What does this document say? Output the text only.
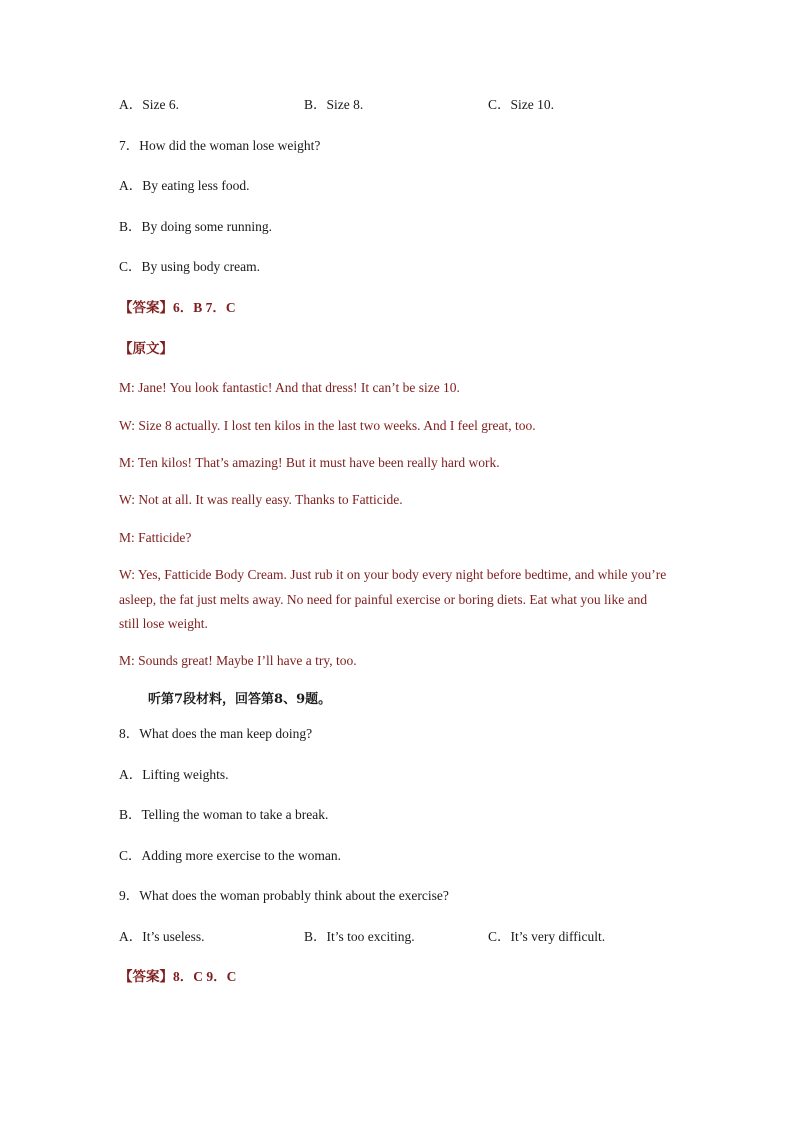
A．Size 6.	B．Size 8.	C．Size 10.
7．How did the woman lose weight?
A．By eating less food.
B．By doing some running.
C．By using body cream.
【答案】6．B 7．C
【原文】
M: Jane! You look fantastic! And that dress! It can’t be size 10.
W: Size 8 actually. I lost ten kilos in the last two weeks. And I feel great, too.
M: Ten kilos! That’s amazing! But it must have been really hard work.
W: Not at all. It was really easy. Thanks to Fatticide.
M: Fatticide?
W: Yes, Fatticide Body Cream. Just rub it on your body every night before bedtime, and while you’re asleep, the fat just melts away. No need for painful exercise or boring diets. Eat what you like and still lose weight.
M: Sounds great! Maybe I’ll have a try, too.
听第7段材料，回答第8、9题。
8．What does the man keep doing?
A．Lifting weights.
B．Telling the woman to take a break.
C．Adding more exercise to the woman.
9．What does the woman probably think about the exercise?
A．It’s useless.	B．It’s too exciting.	C．It’s very difficult.
【答案】8．C 9．C
